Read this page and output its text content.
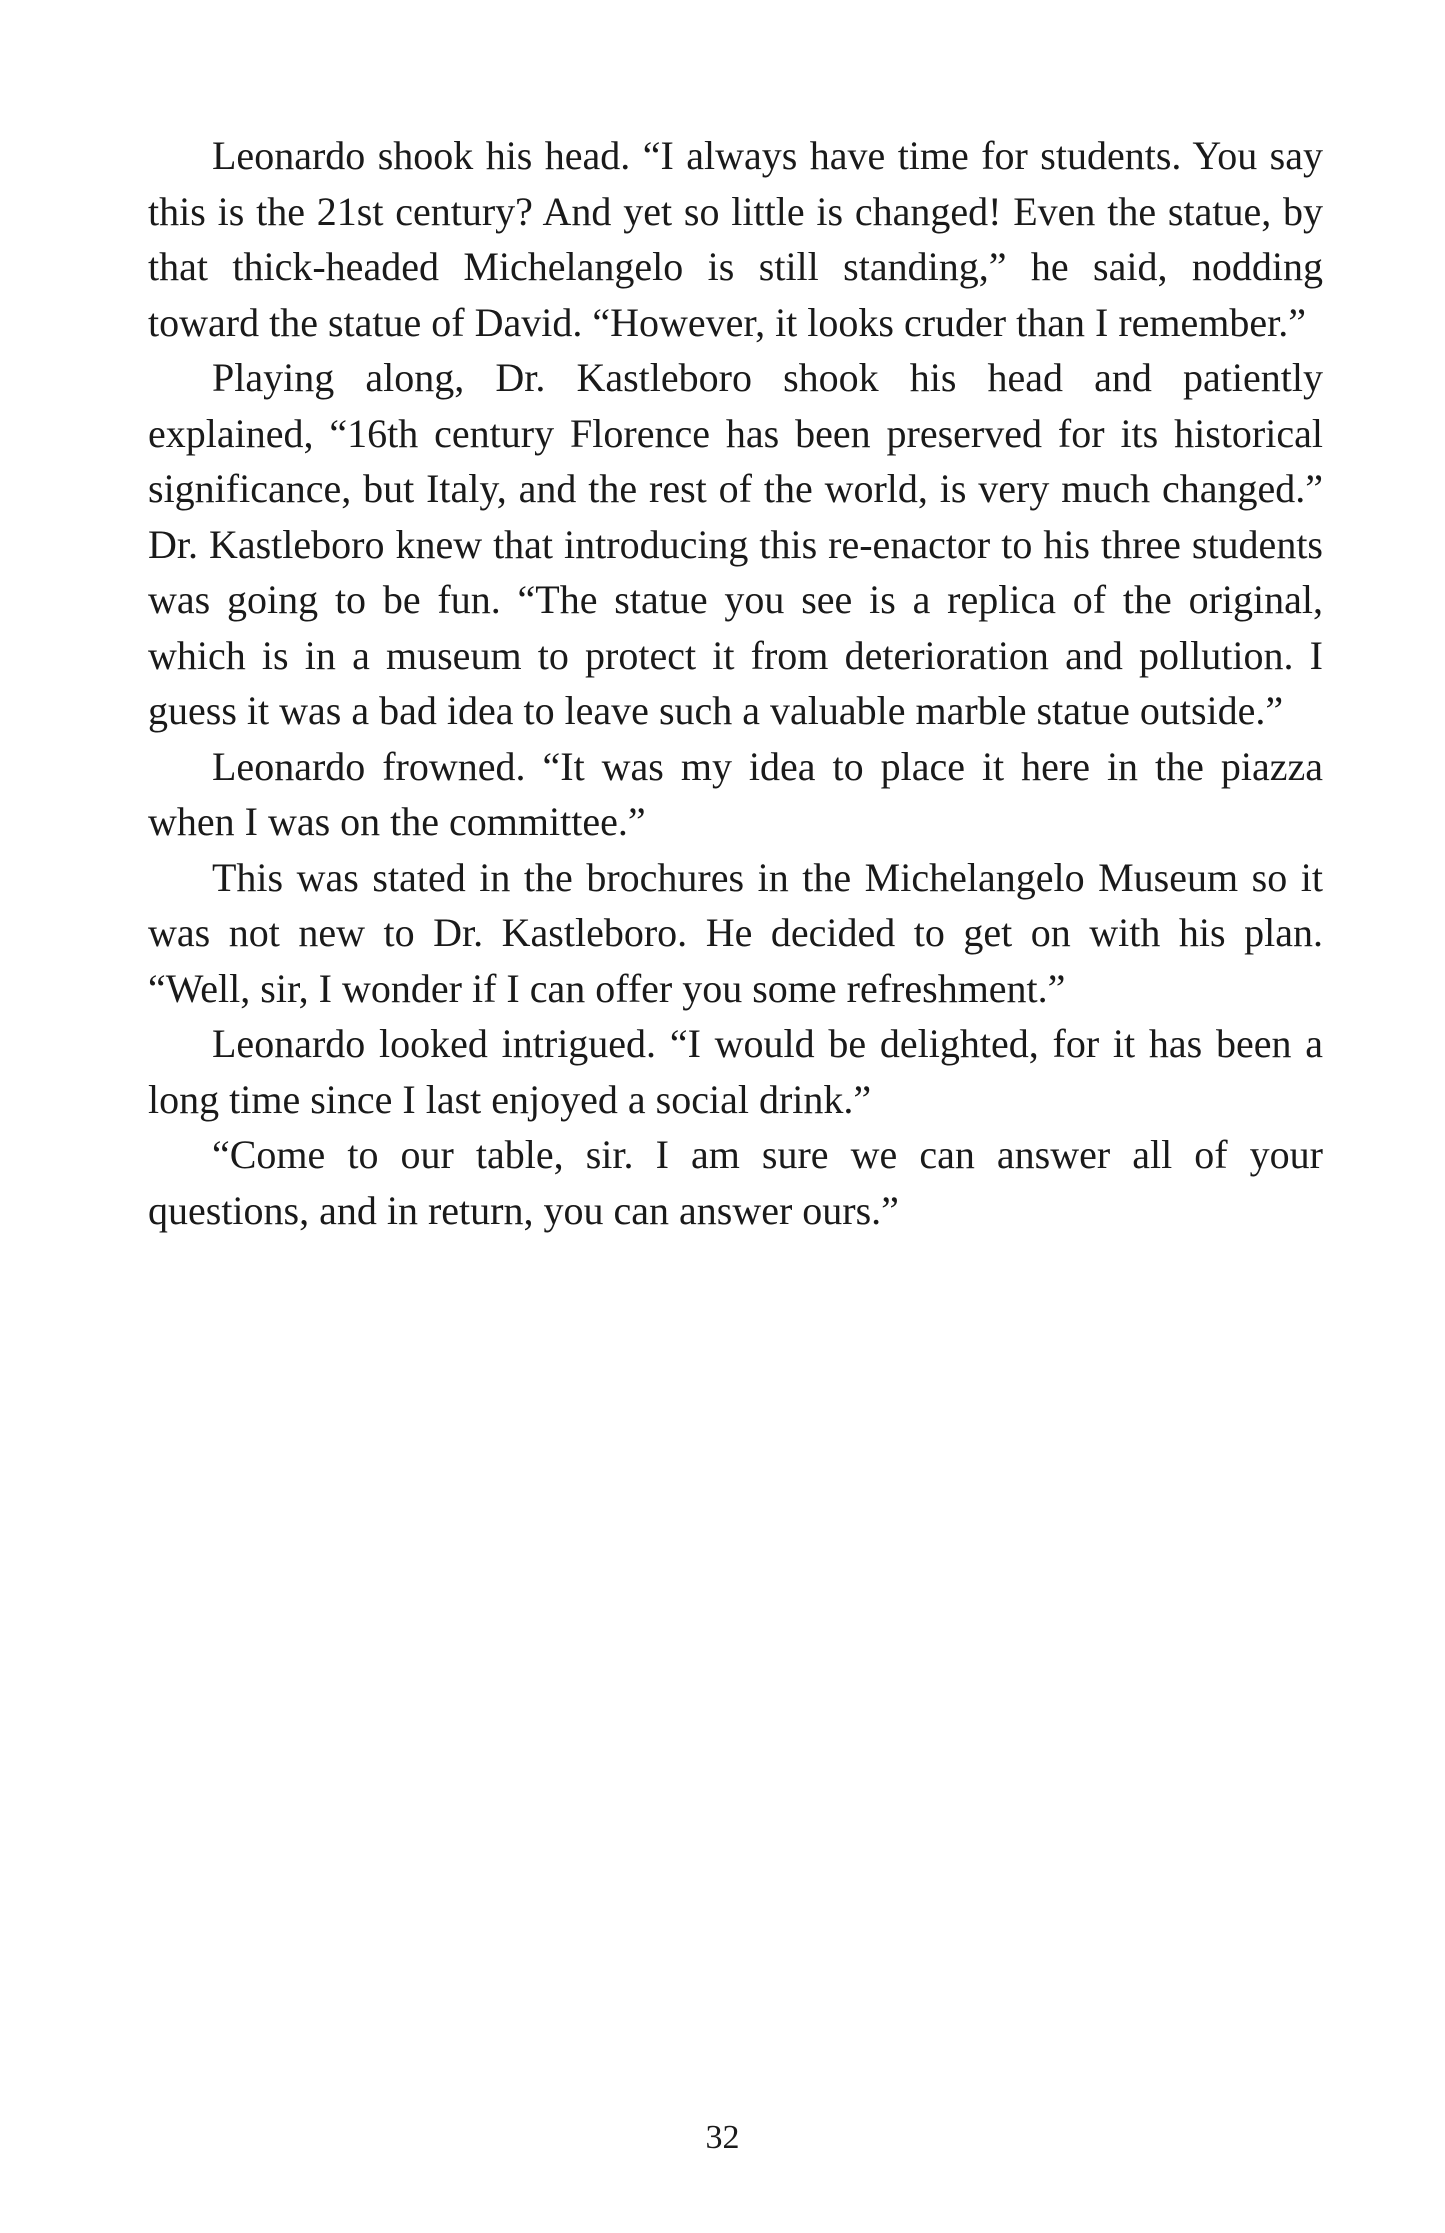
Leonardo shook his head. “I always have time for students. You say this is the 21st century? And yet so little is changed! Even the statue, by that thick-headed Michelangelo is still standing,” he said, nodding toward the statue of David. “However, it looks cruder than I remember.”

Playing along, Dr. Kastleboro shook his head and patiently explained, “16th century Florence has been preserved for its historical significance, but Italy, and the rest of the world, is very much changed.” Dr. Kastleboro knew that introducing this re-enactor to his three students was going to be fun. “The statue you see is a replica of the original, which is in a museum to protect it from deterioration and pollution. I guess it was a bad idea to leave such a valuable marble statue outside.”

Leonardo frowned. “It was my idea to place it here in the piazza when I was on the committee.”

This was stated in the brochures in the Michelangelo Museum so it was not new to Dr. Kastleboro. He decided to get on with his plan. “Well, sir, I wonder if I can offer you some refreshment.”

Leonardo looked intrigued. “I would be delighted, for it has been a long time since I last enjoyed a social drink.”

“Come to our table, sir. I am sure we can answer all of your questions, and in return, you can answer ours.”

32
